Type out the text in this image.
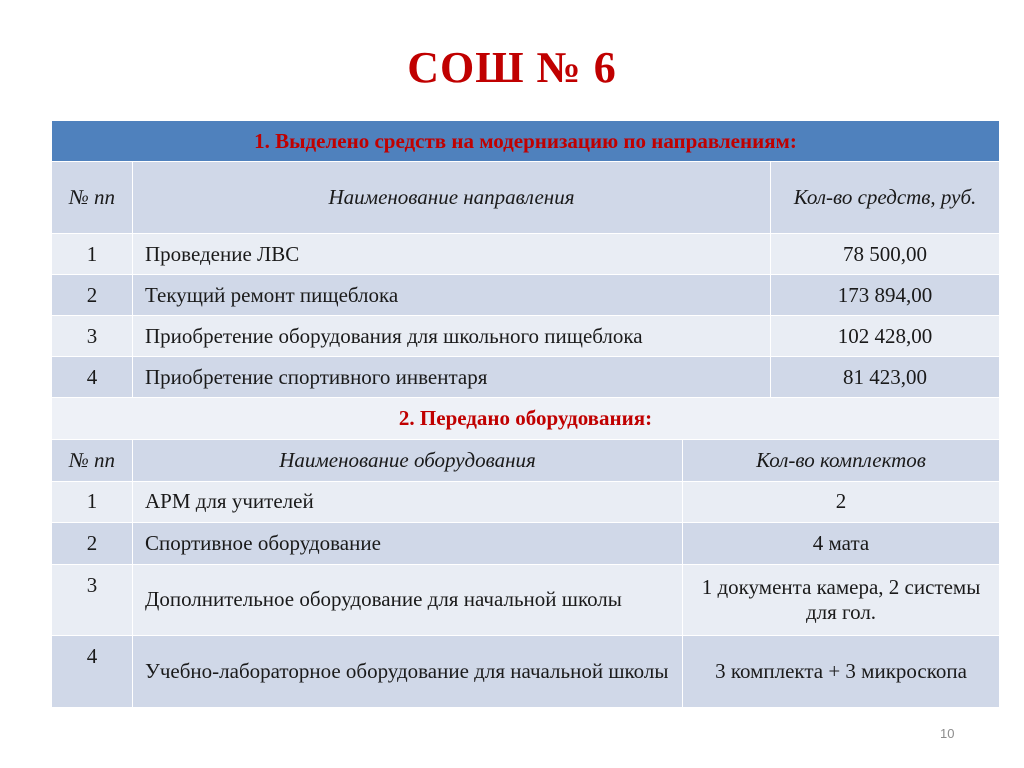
СОШ № 6
1. Выделено средств на модернизацию по направлениям:			
№ пп	Наименование направления		Кол-во средств, руб.
1	Проведение ЛВС		78 500,00
2	Текущий ремонт пищеблока		173 894,00
3	Приобретение оборудования для школьного пищеблока		102 428,00
4	Приобретение спортивного инвентаря		81 423,00
2. Передано оборудования:			
№ пп	Наименование оборудования	Кол-во комплектов	
1	АРМ для учителей	2	
2	Спортивное оборудование	4 мата	
3	Дополнительное оборудование для начальной школы	1 документа камера, 2 системы для гол.	
4	Учебно-лабораторное оборудование для начальной школы	3 комплекта + 3 микроскопа	
10
